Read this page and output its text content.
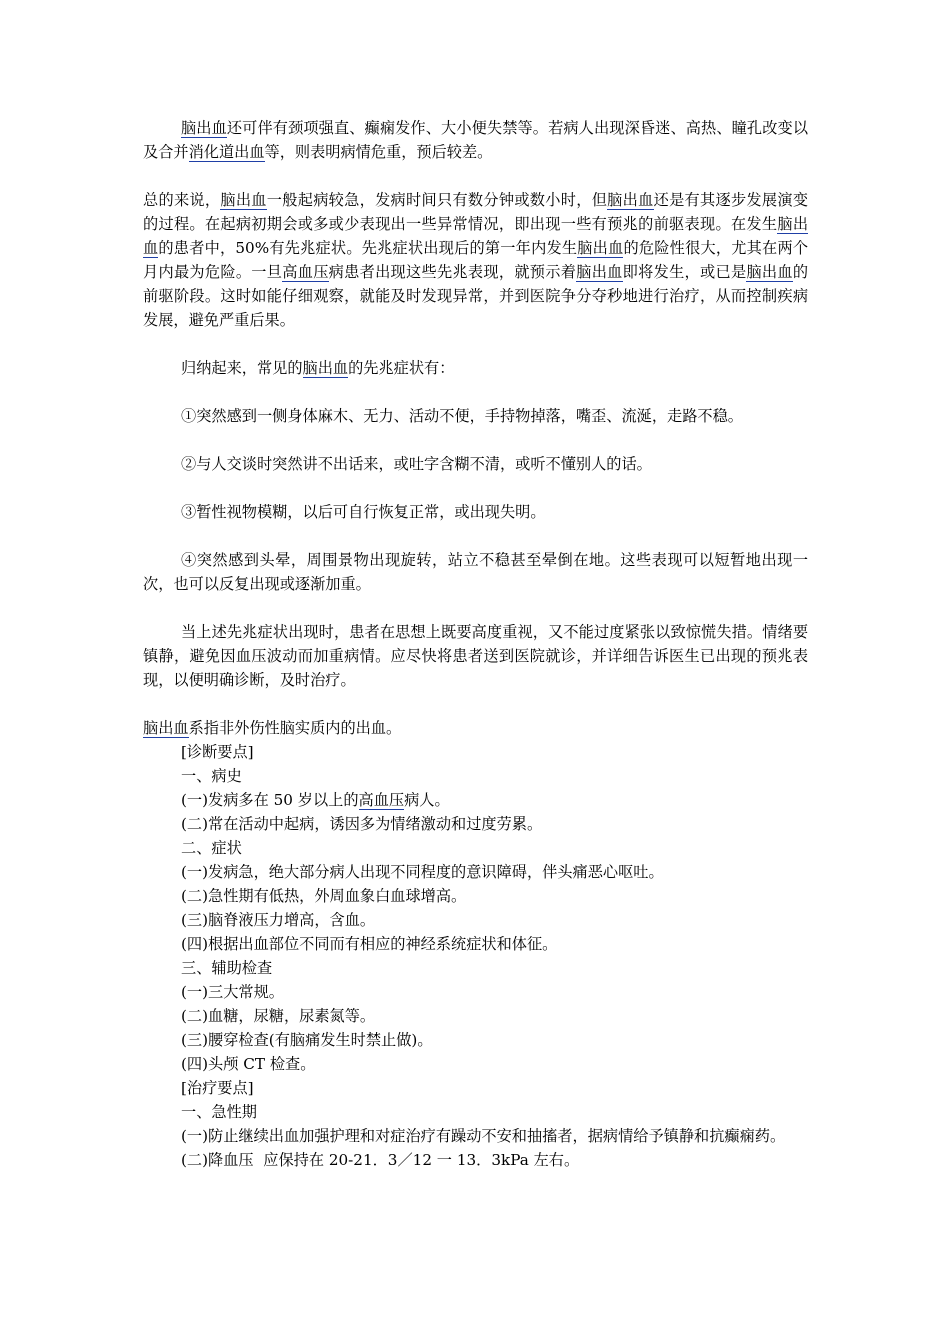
脑出血还可伴有颈项强直、癫痫发作、大小便失禁等。若病人出现深昏迷、高热、瞳孔改变以及合并消化道出血等，则表明病情危重，预后较差。

总的来说，脑出血一般起病较急，发病时间只有数分钟或数小时，但脑出血还是有其逐步发展演变的过程。在起病初期会或多或少表现出一些异常情况，即出现一些有预兆的前驱表现。在发生脑出血的患者中，50%有先兆症状。先兆症状出现后的第一年内发生脑出血的危险性很大，尤其在两个月内最为危险。一旦高血压病患者出现这些先兆表现，就预示着脑出血即将发生，或已是脑出血的前驱阶段。这时如能仔细观察，就能及时发现异常，并到医院争分夺秒地进行治疗，从而控制疾病发展，避免严重后果。

归纳起来，常见的脑出血的先兆症状有：

①突然感到一侧身体麻木、无力、活动不便，手持物掉落，嘴歪、流涎，走路不稳。

②与人交谈时突然讲不出话来，或吐字含糊不清，或听不懂别人的话。

③暂性视物模糊，以后可自行恢复正常，或出现失明。

④突然感到头晕，周围景物出现旋转，站立不稳甚至晕倒在地。这些表现可以短暂地出现一次，也可以反复出现或逐渐加重。

当上述先兆症状出现时，患者在思想上既要高度重视，又不能过度紧张以致惊慌失措。情绪要镇静，避免因血压波动而加重病情。应尽快将患者送到医院就诊，并详细告诉医生已出现的预兆表现，以便明确诊断，及时治疗。

脑出血系指非外伤性脑实质内的出血。

[诊断要点]
一、病史
(一)发病多在 50 岁以上的高血压病人。
(二)常在活动中起病，诱因多为情绪激动和过度劳累。
二、症状
(一)发病急，绝大部分病人出现不同程度的意识障碍，伴头痛恶心呕吐。
(二)急性期有低热，外周血象白血球增高。
(三)脑脊液压力增高，含血。
(四)根据出血部位不同而有相应的神经系统症状和体征。
三、辅助检查
(一)三大常规。
(二)血糖，尿糖，尿素氮等。
(三)腰穿检查(有脑痛发生时禁止做)。
(四)头颅 CT 检查。
[治疗要点]
一、急性期

(一)防止继续出血加强护理和对症治疗有躁动不安和抽搐者，据病情给予镇静和抗癫痫药。

(二)降血压  应保持在 20-21．3／12 一 13．3kPa 左右。
